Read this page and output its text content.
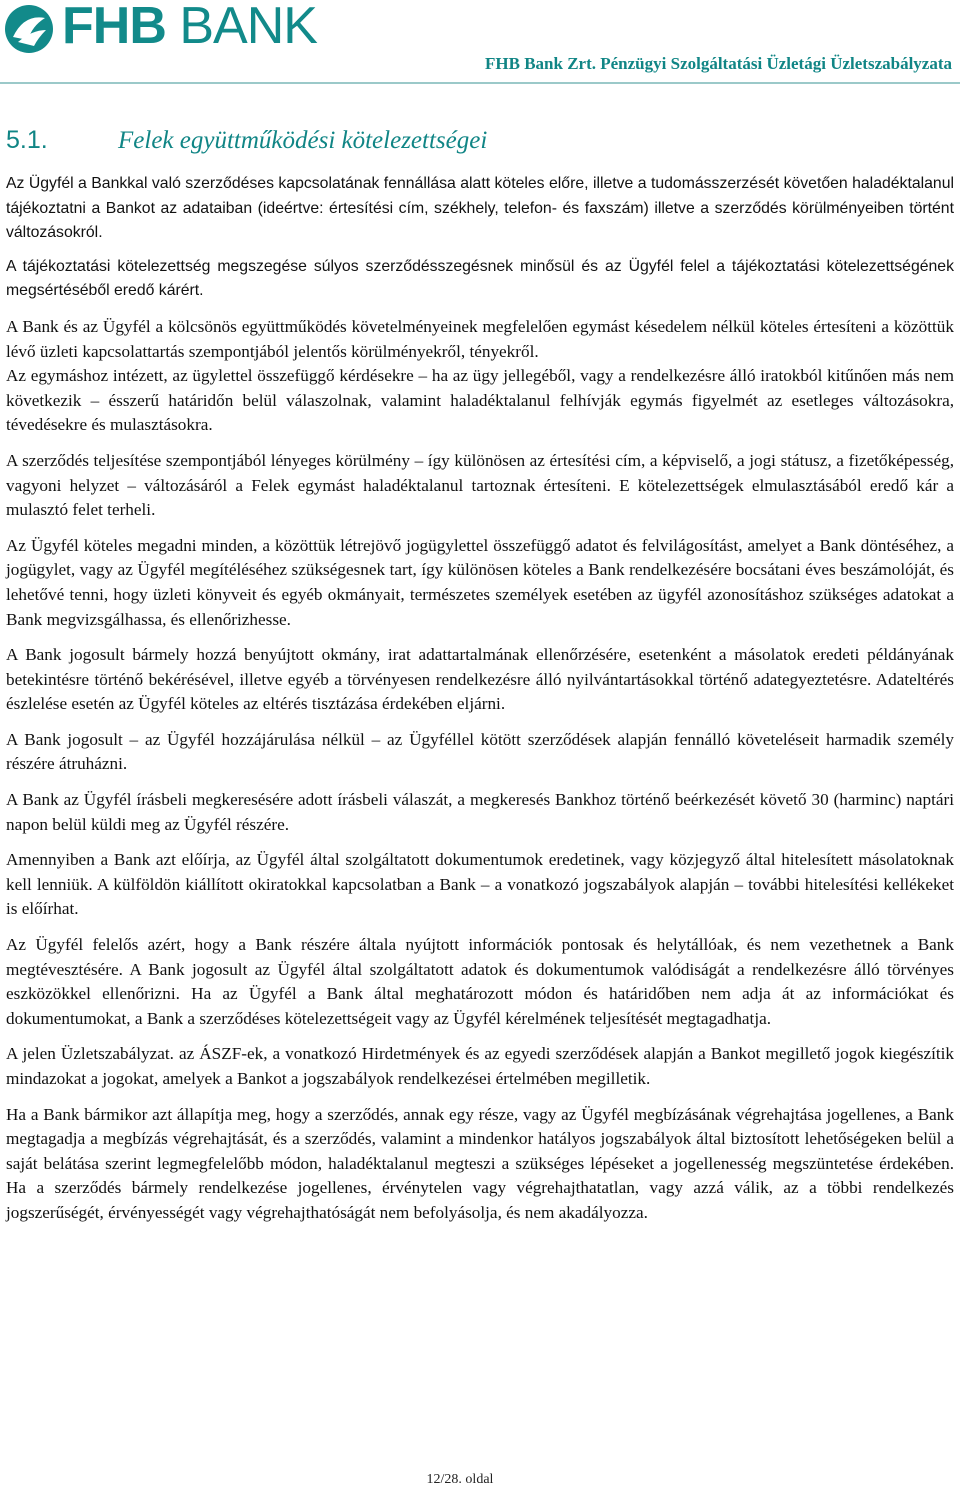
FHB BANK
FHB Bank Zrt. Pénzügyi Szolgáltatási Üzletági Üzletszabályzata
5.1.	Felek együttműködési kötelezettségei

Az Ügyfél a Bankkal való szerződéses kapcsolatának fennállása alatt köteles előre, illetve a tudomásszerzését követően haladéktalanul tájékoztatni a Bankot az adataiban (ideértve: értesítési cím, székhely, telefon- és faxszám) illetve a szerződés körülményeiben történt változásokról.

A tájékoztatási kötelezettség megszegése súlyos szerződésszegésnek minősül és az Ügyfél felel a tájékoztatási kötelezettségének megsértéséből eredő kárért.

A Bank és az Ügyfél a kölcsönös együttműködés követelményeinek megfelelően egymást késedelem nélkül köteles értesíteni a közöttük lévő üzleti kapcsolattartás szempontjából jelentős körülményekről, tényekről.

Az egymáshoz intézett, az ügylettel összefüggő kérdésekre – ha az ügy jellegéből, vagy a rendelkezésre álló iratokból kitűnően más nem következik – ésszerű határidőn belül válaszolnak, valamint haladéktalanul felhívják egymás figyelmét az esetleges változásokra, tévedésekre és mulasztásokra.

A szerződés teljesítése szempontjából lényeges körülmény – így különösen az értesítési cím, a képviselő, a jogi státusz, a fizetőképesség, vagyoni helyzet – változásáról a Felek egymást haladéktalanul tartoznak értesíteni. E kötelezettségek elmulasztásából eredő kár a mulasztó felet terheli.

Az Ügyfél köteles megadni minden, a közöttük létrejövő jogügylettel összefüggő adatot és felvilágosítást, amelyet a Bank döntéséhez, a jogügylet, vagy az Ügyfél megítéléséhez szükségesnek tart, így különösen köteles a Bank rendelkezésére bocsátani éves beszámolóját, és lehetővé tenni, hogy üzleti könyveit és egyéb okmányait, természetes személyek esetében az ügyfél azonosításhoz szükséges adatokat a Bank megvizsgálhassa, és ellenőrizhesse.

A Bank jogosult bármely hozzá benyújtott okmány, irat adattartalmának ellenőrzésére, esetenként a másolatok eredeti példányának betekintésre történő bekérésével, illetve egyéb a törvényesen rendelkezésre álló nyilvántartásokkal történő adategyeztetésre. Adateltérés észlelése esetén az Ügyfél köteles az eltérés tisztázása érdekében eljárni.

A Bank jogosult – az Ügyfél hozzájárulása nélkül – az Ügyféllel kötött szerződések alapján fennálló követeléseit harmadik személy részére átruházni.

A Bank az Ügyfél írásbeli megkeresésére adott írásbeli válaszát, a megkeresés Bankhoz történő beérkezését követő 30 (harminc) naptári napon belül küldi meg az Ügyfél részére.

Amennyiben a Bank azt előírja, az Ügyfél által szolgáltatott dokumentumok eredetinek, vagy közjegyző által hitelesített másolatoknak kell lenniük. A külföldön kiállított okiratokkal kapcsolatban a Bank – a vonatkozó jogszabályok alapján – további hitelesítési kellékeket is előírhat.

Az Ügyfél felelős azért, hogy a Bank részére általa nyújtott információk pontosak és helytállóak, és nem vezethetnek a Bank megtévesztésére. A Bank jogosult az Ügyfél által szolgáltatott adatok és dokumentumok valódiságát a rendelkezésre álló törvényes eszközökkel ellenőrizni. Ha az Ügyfél a Bank által meghatározott módon és határidőben nem adja át az információkat és dokumentumokat, a Bank a szerződéses kötelezettségeit vagy az Ügyfél kérelmének teljesítését megtagadhatja.

A jelen Üzletszabályzat. az ÁSZF-ek, a vonatkozó Hirdetmények és az egyedi szerződések alapján a Bankot megillető jogok kiegészítik mindazokat a jogokat, amelyek a Bankot a jogszabályok rendelkezései értelmében megilletik.

Ha a Bank bármikor azt állapítja meg, hogy a szerződés, annak egy része, vagy az Ügyfél megbízásának végrehajtása jogellenes, a Bank megtagadja a megbízás végrehajtását, és a szerződés, valamint a mindenkor hatályos jogszabályok által biztosított lehetőségeken belül a saját belátása szerint legmegfelelőbb módon, haladéktalanul megteszi a szükséges lépéseket a jogellenesség megszüntetése érdekében. Ha a szerződés bármely rendelkezése jogellenes, érvénytelen vagy végrehajthatatlan, vagy azzá válik, az a többi rendelkezés jogszerűségét, érvényességét vagy végrehajthatóságát nem befolyásolja, és nem akadályozza.

12/28. oldal
